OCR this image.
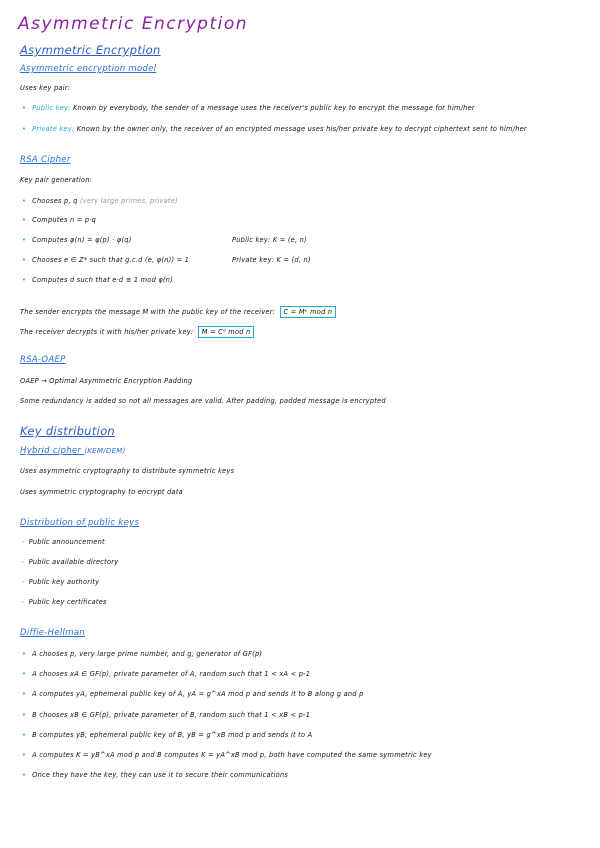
Asymmetric Encryption
Asymmetric Encryption
Asymmetric encryption model
Uses key pair:
• Public key: Known by everybody, the sender of a message uses the receiver's public key to encrypt the message for him/her
• Private key: Known by the owner only, the receiver of an encrypted message uses his/her private key to decrypt ciphertext sent to him/her
RSA Cipher
Key pair generation:
• Chooses p, q (very large primes, private)
• Computes n = p·q
• Computes φ(n) = φ(p) · φ(q)	Public key: K = (e, n)
• Chooses e ∈ Z* such that g.c.d (e, φ(n)) = 1	Private key: K = (d, n)
• Computes d such that e·d ≡ 1 mod φ(n)
The sender encrypts the message M with the public key of the receiver: C = Mᵉ mod n
The receiver decrypts it with his/her private key: M = Cᵈ mod n
RSA-OAEP
OAEP → Optimal Asymmetric Encryption Padding
Some redundancy is added so not all messages are valid. After padding, padded message is encrypted
Key distribution
Hybrid cipher (KEM/DEM)
Uses asymmetric cryptography to distribute symmetric keys
Uses symmetric cryptography to encrypt data
Distribution of public keys
- Public announcement
- Public available directory
- Public key authority
- Public key certificates
Diffie-Hellman
• A chooses p, very large prime number, and g, generator of GF(p)
• A chooses xA ∈ GF(p), private parameter of A, random such that 1 < xA < p-1
• A computes yA, ephemeral public key of A, yA = g^xA mod p and sends it to B along g and p
• B chooses xB ∈ GF(p), private parameter of B, random such that 1 < xB < p-1
• B computes yB, ephemeral public key of B, yB = g^xB mod p and sends it to A
• A computes K = yB^xA mod p and B computes K = yA^xB mod p, both have computed the same symmetric key
• Once they have the key, they can use it to secure their communications
